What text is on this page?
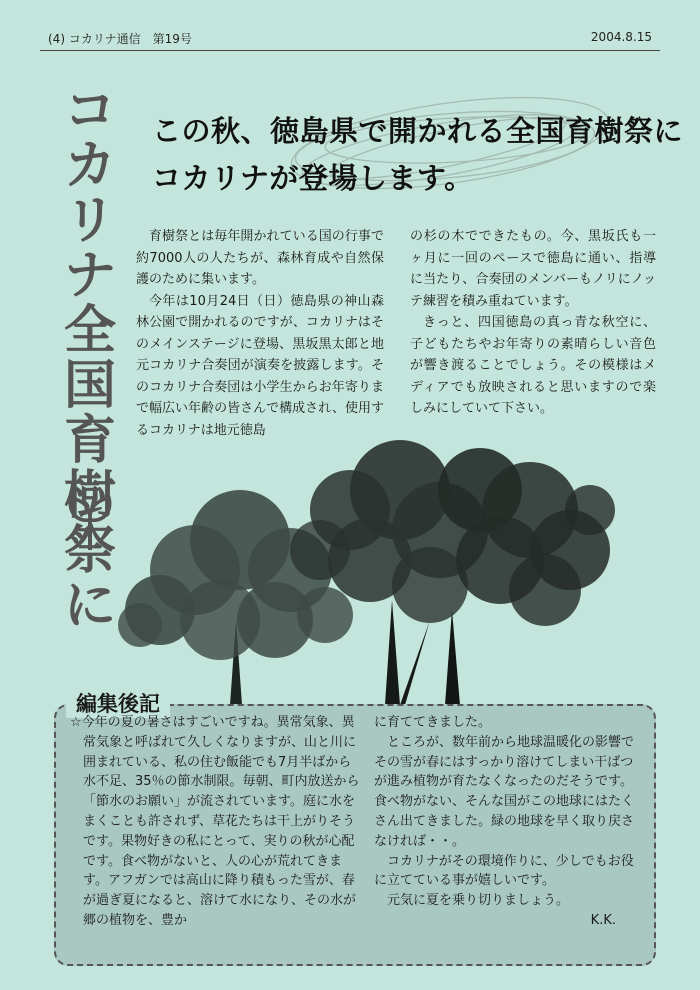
(4) コカリナ通信　第19号	2004.8.15
コカリナ全国育樹祭に
この秋、徳島県で開かれる全国育樹祭に
コカリナが登場します。

育樹祭とは毎年開かれている国の行事で約7000人の人たちが、森林育成や自然保護のために集います。

今年は10月24日（日）徳島県の神山森林公園で開かれるのですが、コカリナはそのメインステージに登場、黒坂黒太郎と地元コカリナ合奏団が演奏を披露します。そのコカリナ合奏団は小学生からお年寄りまで幅広い年齢の皆さんで構成され、使用するコカリナは地元徳島

の杉の木でできたもの。今、黒坂氏も一ヶ月に一回のペースで徳島に通い、指導に当たり、合奏団のメンバーもノリにノッテ練習を積み重ねています。

きっと、四国徳島の真っ青な秋空に、子どもたちやお年寄りの素晴らしい音色が響き渡ることでしょう。その模様はメディアでも放映されると思いますので楽しみにしていて下さい。

編集後記

☆今年の夏の暑さはすごいですね。異常気象、異常気象と呼ばれて久しくなりますが、山と川に囲まれている、私の住む飯能でも7月半ばから水不足、35％の節水制限。毎朝、町内放送から「節水のお願い」が流されています。庭に水をまくことも許されず、草花たちは干上がりそうです。果物好きの私にとって、実りの秋が心配です。食べ物がないと、人の心が荒れてきます。アフガンでは高山に降り積もった雪が、春が過ぎ夏になると、溶けて水になり、その水が郷の植物を、豊か

に育ててきました。

ところが、数年前から地球温暖化の影響でその雪が春にはすっかり溶けてしまい干ばつが進み植物が育たなくなったのだそうです。食べ物がない、そんな国がこの地球にはたくさん出てきました。緑の地球を早く取り戻さなければ・・。

コカリナがその環境作りに、少しでもお役に立てている事が嬉しいです。

元気に夏を乗り切りましょう。

K.K.
